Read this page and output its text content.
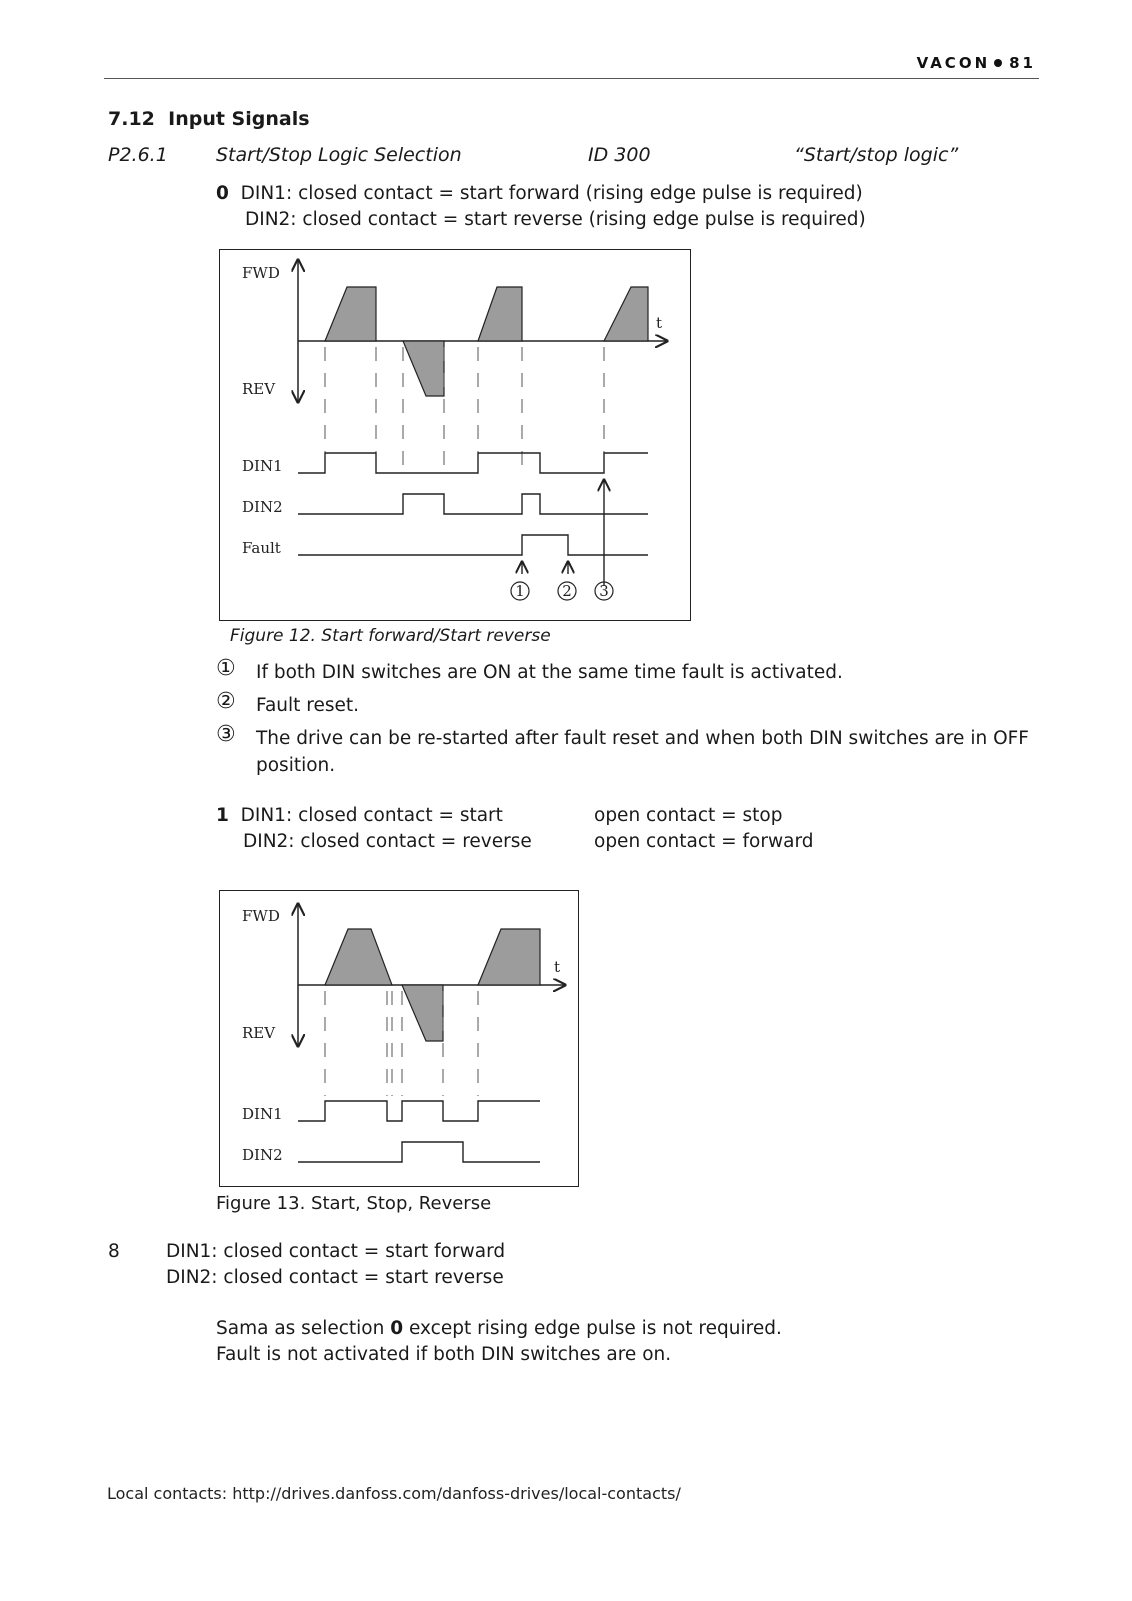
VACON 81
7.12 Input Signals
P2.6.1	Start/Stop Logic Selection	ID 300	“Start/stop logic”
0 DIN1: closed contact = start forward (rising edge pulse is required)
DIN2: closed contact = start reverse (rising edge pulse is required)
1 2 3
FWD
REV
t
DIN1
DIN2
Fault
Figure 12. Start forward/Start reverse
① If both DIN switches are ON at the same time fault is activated.
② Fault reset.
③ The drive can be re-started after fault reset and when both DIN switches are in OFF
position.
1 DIN1: closed contact = start	open contact = stop
DIN2: closed contact = reverse	open contact = forward
FWD
REV
t
DIN1
DIN2
Figure 13. Start, Stop, Reverse
8 DIN1: closed contact = start forward
DIN2: closed contact = start reverse
Sama as selection 0 except rising edge pulse is not required.
Fault is not activated if both DIN switches are on.
Local contacts: http://drives.danfoss.com/danfoss-drives/local-contacts/
